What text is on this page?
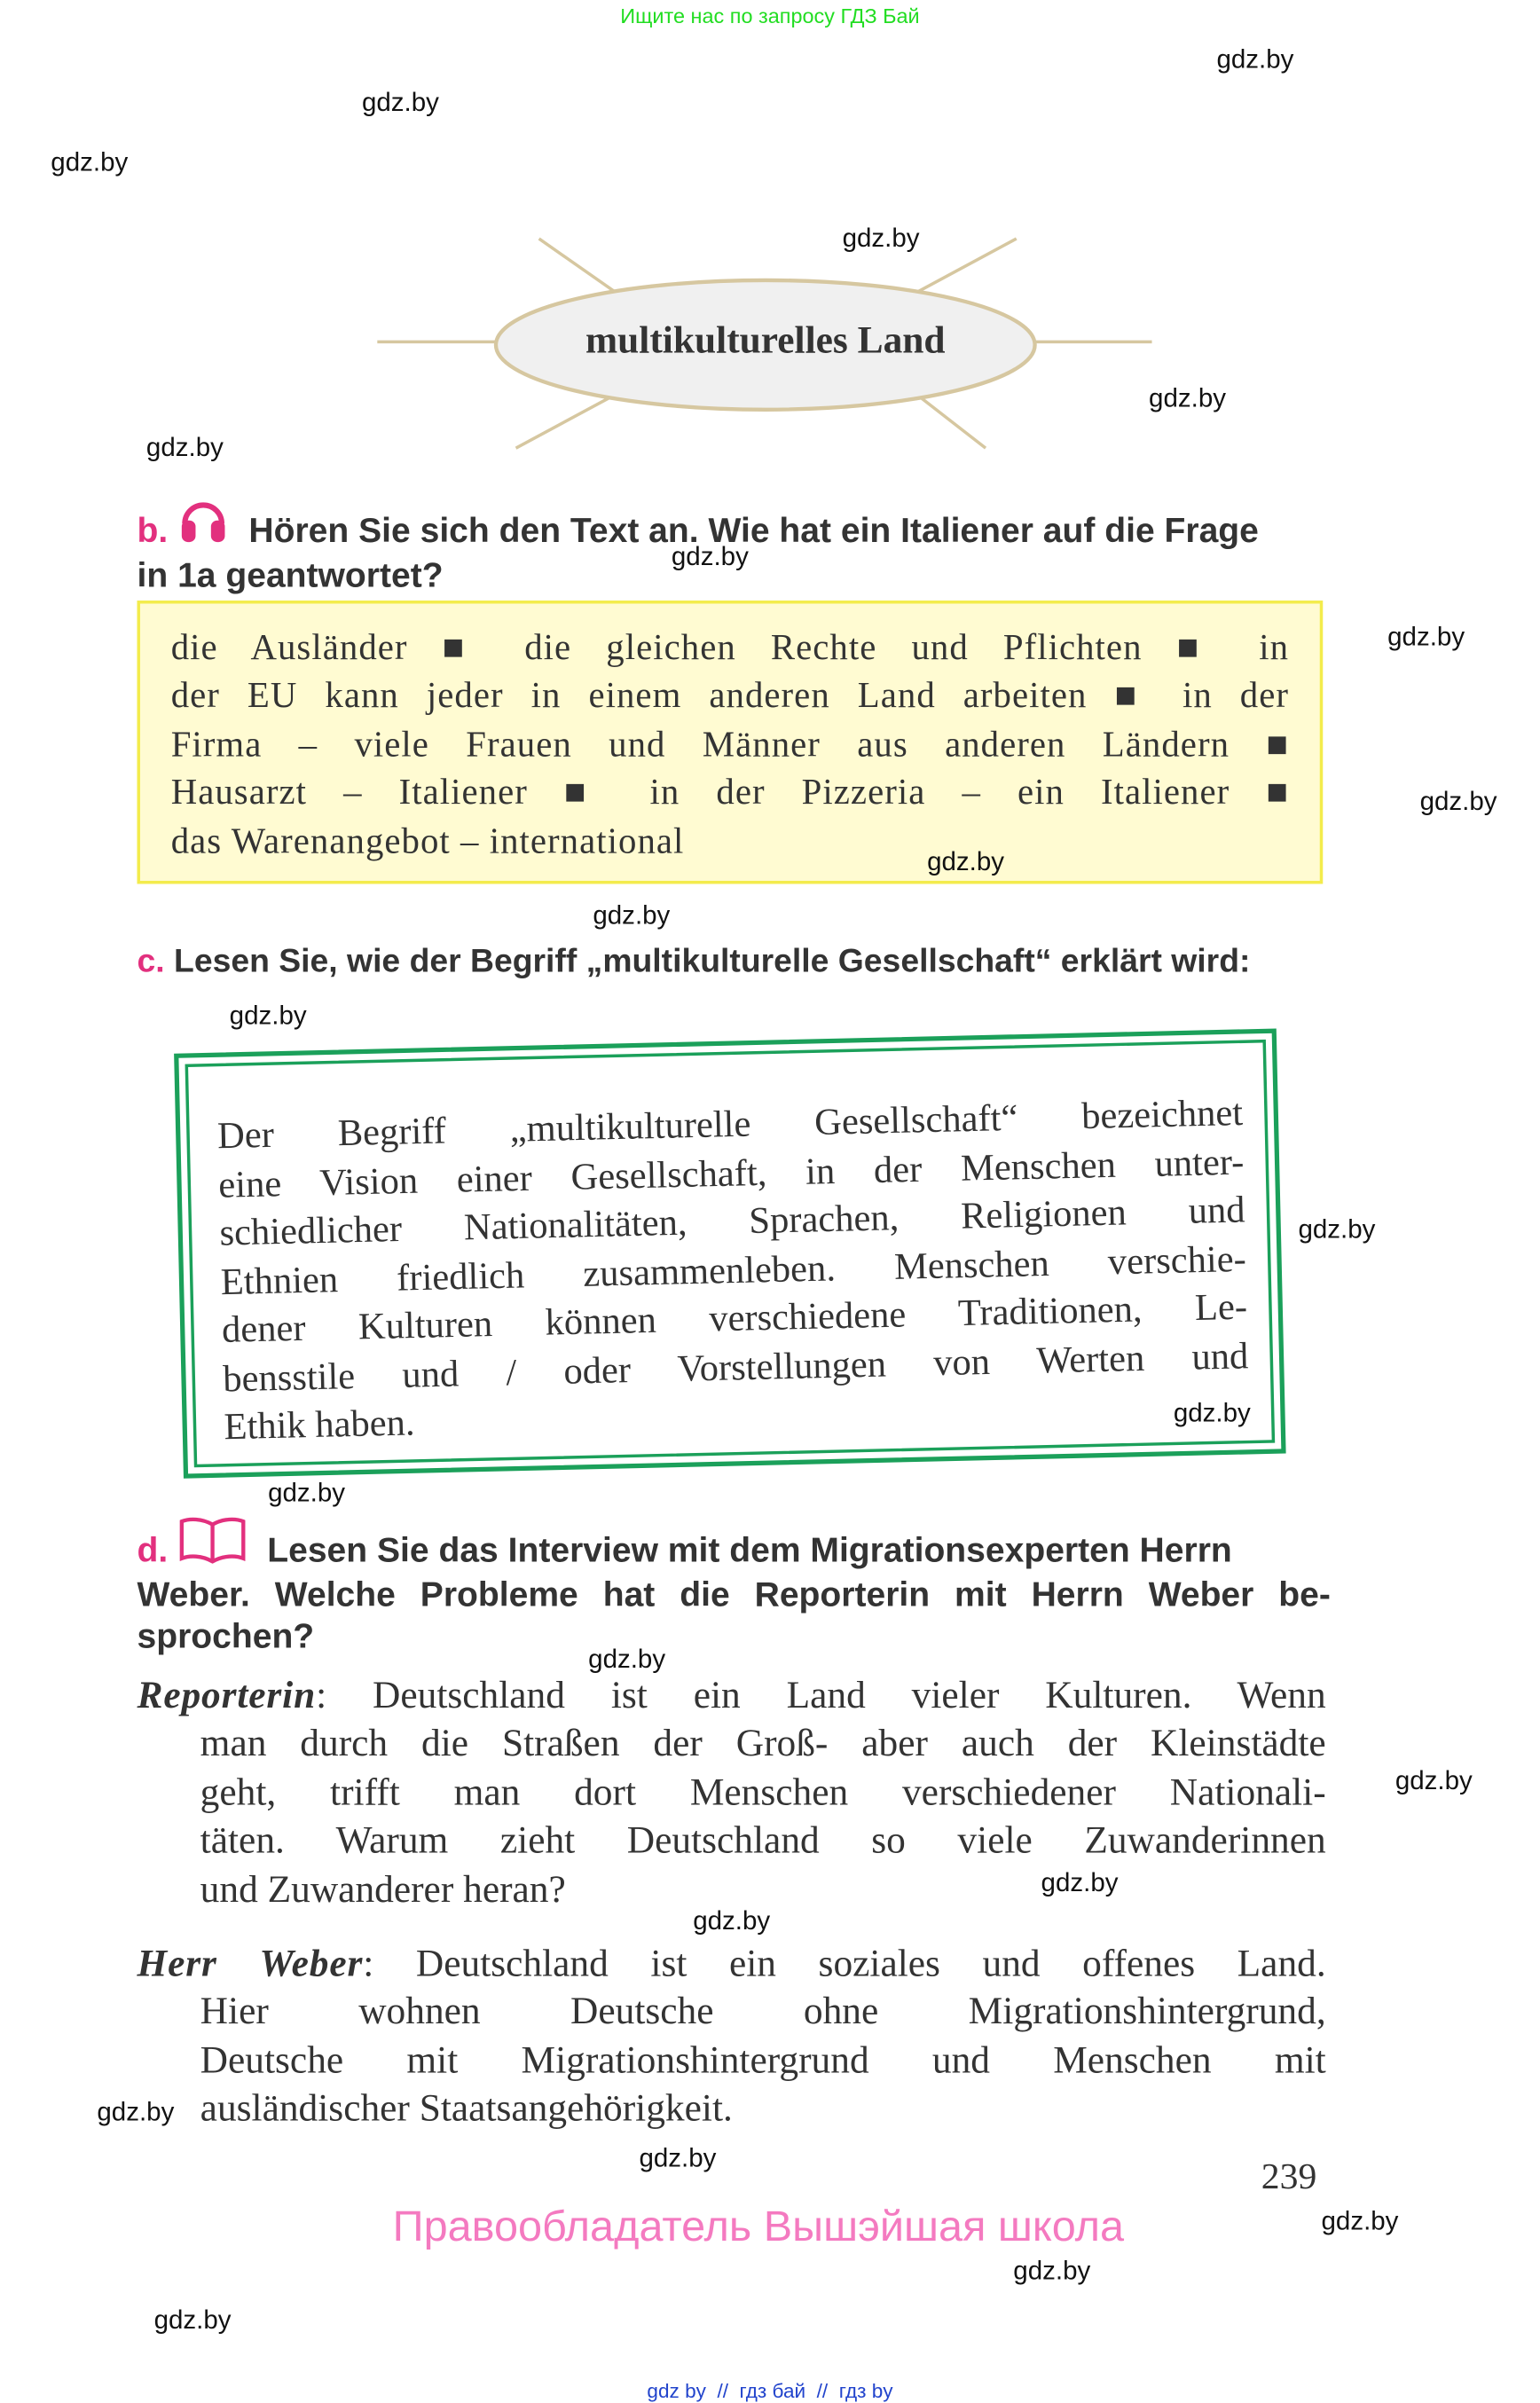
Ищите нас по запросу ГДЗ Бай
multikulturelles Land
b.	Hören Sie sich den Text an. Wie hat ein Italiener auf die Frage
in 1a geantwortet?
die Ausländer ■ die gleichen Rechte und Pflichten ■ in
der EU kann jeder in einem anderen Land arbeiten ■ in der
Firma – viele Frauen und Männer aus anderen Ländern ■
Hausarzt – Italiener ■ in der Pizzeria – ein Italiener ■
das Warenangebot – international
c. Lesen Sie, wie der Begriff „multikulturelle Gesellschaft“ erklärt wird:
Der Begriff „multikulturelle Gesellschaft“ bezeichnet
eine Vision einer Gesellschaft, in der Menschen unter-
schiedlicher Nationalitäten, Sprachen, Religionen und
Ethnien friedlich zusammenleben. Menschen verschie-
dener Kulturen können verschiedene Traditionen, Le-
bensstile und / oder Vorstellungen von Werten und
Ethik haben.
d.	Lesen Sie das Interview mit dem Migrationsexperten Herrn

Weber. Welche Probleme hat die Reporterin mit Herrn Weber be-
sprochen?
Reporterin: Deutschland ist ein Land vieler Kulturen. Wenn
man durch die Straßen der Groß- aber auch der Kleinstädte
geht, trifft man dort Menschen verschiedener Nationali-
täten. Warum zieht Deutschland so viele Zuwanderinnen
und Zuwanderer heran?
Herr Weber: Deutschland ist ein soziales und offenes Land.
Hier wohnen Deutsche ohne Migrationshintergrund,
Deutsche mit Migrationshintergrund und Menschen mit
ausländischer Staatsangehörigkeit.
239
Правообладатель Вышэйшая школа
gdz by  //  гдз бай  //  гдз by
gdz.by
gdz.by
gdz.by
gdz.by
gdz.by
gdz.by
gdz.by
gdz.by
gdz.by
gdz.by
gdz.by
gdz.by
gdz.by
gdz.by
gdz.by
gdz.by
gdz.by
gdz.by
gdz.by
gdz.by
gdz.by
gdz.by
gdz.by
gdz.by
